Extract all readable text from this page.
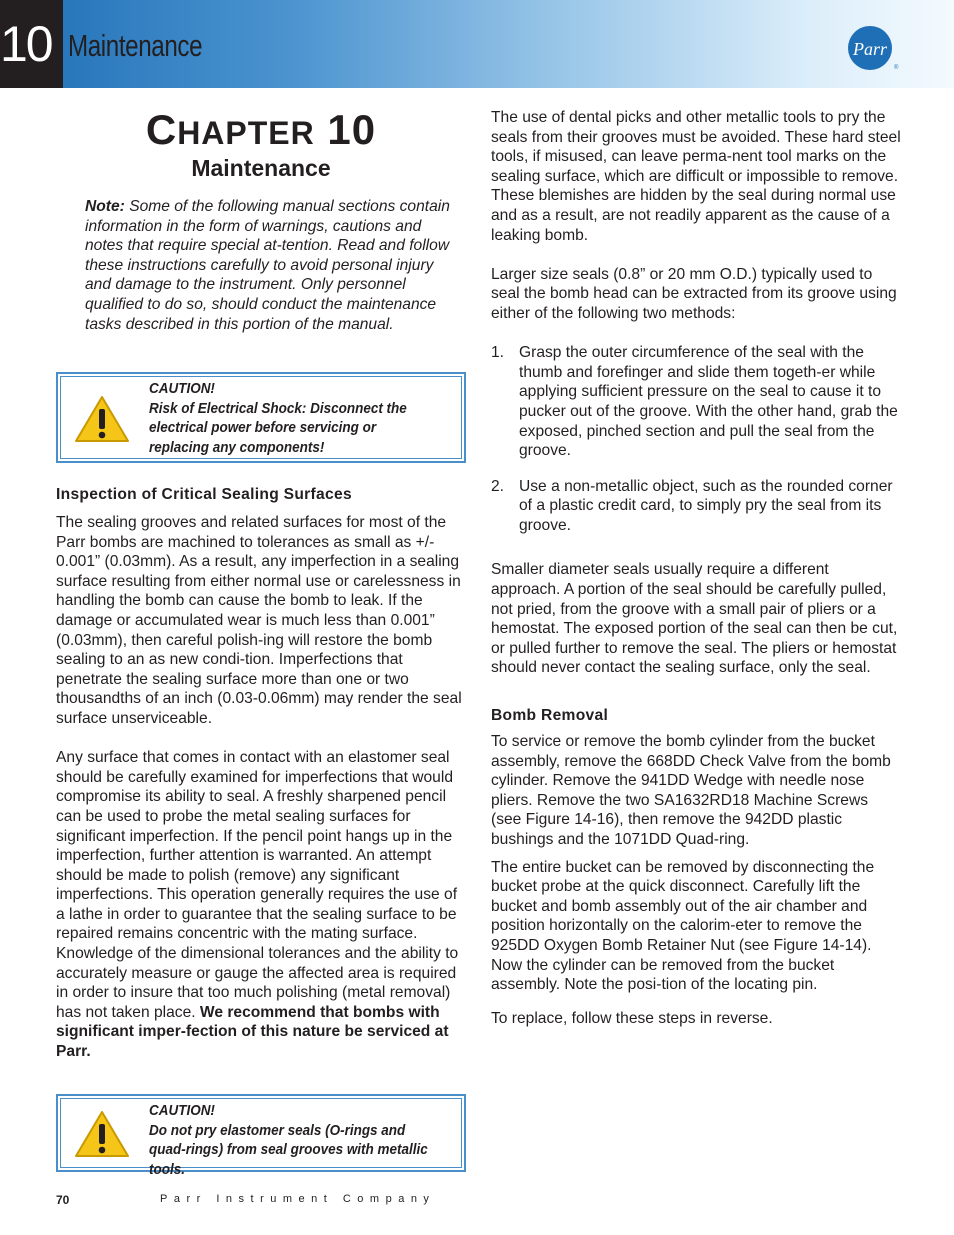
10 Maintenance	Parr
®
CHAPTER 10
Maintenance
Note: Some of the following manual sections contain information in the form of warnings, cautions and notes that require special at-tention. Read and follow these instructions carefully to avoid personal injury and damage to the instrument. Only personnel qualified to do so, should conduct the maintenance tasks described in this portion of the manual.
CAUTION!
Risk of Electrical Shock: Disconnect the electrical power before servicing or replacing any components!
Inspection of Critical Sealing Surfaces

The sealing grooves and related surfaces for most of the Parr bombs are machined to tolerances as small as +/- 0.001” (0.03mm). As a result, any imperfection in a sealing surface resulting from either normal use or carelessness in handling the bomb can cause the bomb to leak. If the damage or accumulated wear is much less than 0.001” (0.03mm), then careful polish-ing will restore the bomb sealing to an as new condi-tion. Imperfections that penetrate the sealing surface more than one or two thousandths of an inch (0.03-0.06mm) may render the seal surface unserviceable.

Any surface that comes in contact with an elastomer seal should be carefully examined for imperfections that would compromise its ability to seal. A freshly sharpened pencil can be used to probe the metal sealing surfaces for significant imperfection. If the pencil point hangs up in the imperfection, further attention is warranted. An attempt should be made to polish (remove) any significant imperfections. This operation generally requires the use of a lathe in order to guarantee that the sealing surface to be repaired remains concentric with the mating surface. Knowledge of the dimensional tolerances and the ability to accurately measure or gauge the affected area is required in order to insure that too much polishing (metal removal) has not taken place. We recommend that bombs with significant imper-fection of this nature be serviced at Parr.

CAUTION!
Do not pry elastomer seals (O-rings and quad-rings) from seal grooves with metallic tools.

The use of dental picks and other metallic tools to pry the seals from their grooves must be avoided. These hard steel tools, if misused, can leave perma-nent tool marks on the sealing surface, which are difficult or impossible to remove. These blemishes are hidden by the seal during normal use and as a result, are not readily apparent as the cause of a leaking bomb.

Larger size seals (0.8” or 20 mm O.D.) typically used to seal the bomb head can be extracted from its groove using either of the following two methods:

1. Grasp the outer circumference of the seal with the thumb and forefinger and slide them togeth-er while applying sufficient pressure on the seal to cause it to pucker out of the groove. With the other hand, grab the exposed, pinched section and pull the seal from the groove.
2. Use a non-metallic object, such as the rounded corner of a plastic credit card, to simply pry the seal from its groove.

Smaller diameter seals usually require a different approach. A portion of the seal should be carefully pulled, not pried, from the groove with a small pair of pliers or a hemostat. The exposed portion of the seal can then be cut, or pulled further to remove the seal. The pliers or hemostat should never contact the sealing surface, only the seal.

Bomb Removal

To service or remove the bomb cylinder from the bucket assembly, remove the 668DD Check Valve from the bomb cylinder. Remove the 941DD Wedge with needle nose pliers. Remove the two SA1632RD18 Machine Screws (see Figure 14-16), then remove the 942DD plastic bushings and the 1071DD Quad-ring.

The entire bucket can be removed by disconnecting the bucket probe at the quick disconnect. Carefully lift the bucket and bomb assembly out of the air chamber and position horizontally on the calorim-eter to remove the 925DD Oxygen Bomb Retainer Nut (see Figure 14-14). Now the cylinder can be removed from the bucket assembly. Note the posi-tion of the locating pin.

To replace, follow these steps in reverse.

70	Parr Instrument Company
